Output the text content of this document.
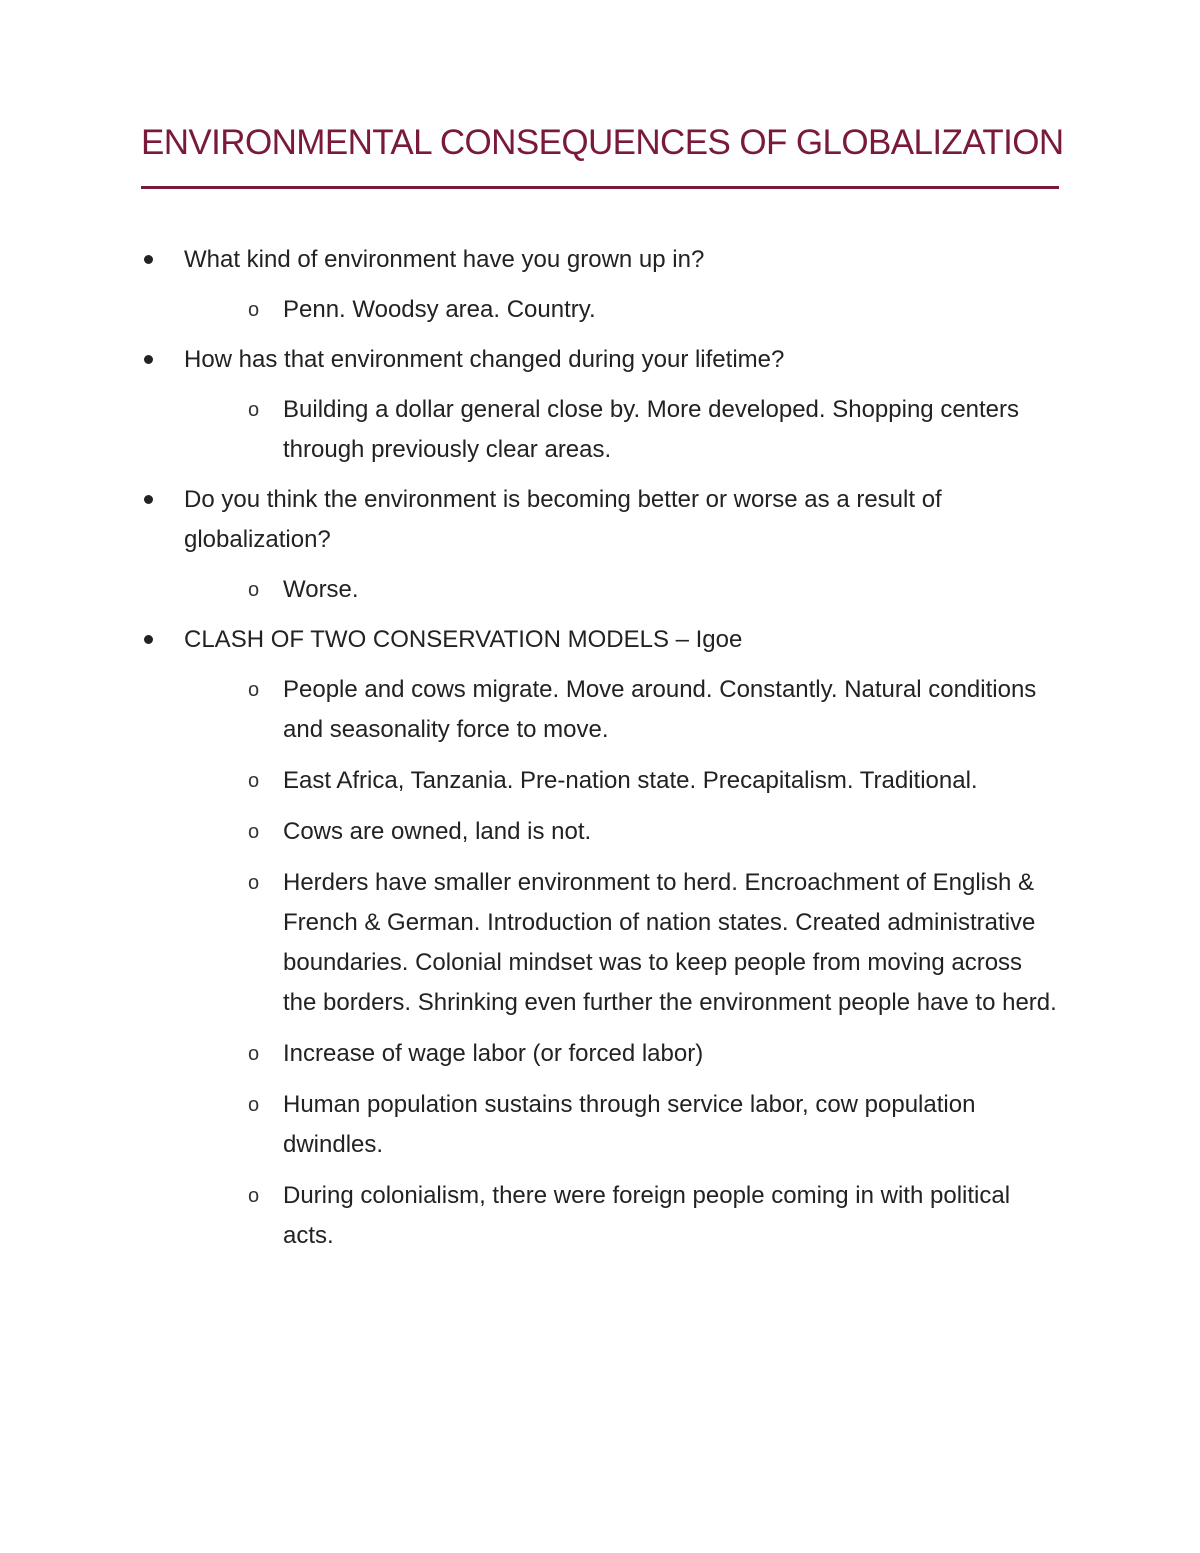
ENVIRONMENTAL CONSEQUENCES OF GLOBALIZATION
What kind of environment have you grown up in?
o Penn. Woodsy area. Country.
How has that environment changed during your lifetime?
o Building a dollar general close by. More developed. Shopping centers through previously clear areas.
Do you think the environment is becoming better or worse as a result of globalization?
o Worse.
CLASH OF TWO CONSERVATION MODELS – Igoe
o People and cows migrate. Move around. Constantly. Natural conditions and seasonality force to move.
o East Africa, Tanzania. Pre-nation state. Precapitalism. Traditional.
o Cows are owned, land is not.
o Herders have smaller environment to herd. Encroachment of English & French & German. Introduction of nation states. Created administrative boundaries. Colonial mindset was to keep people from moving across the borders. Shrinking even further the environment people have to herd.
o Increase of wage labor (or forced labor)
o Human population sustains through service labor, cow population dwindles.
o During colonialism, there were foreign people coming in with political acts.
